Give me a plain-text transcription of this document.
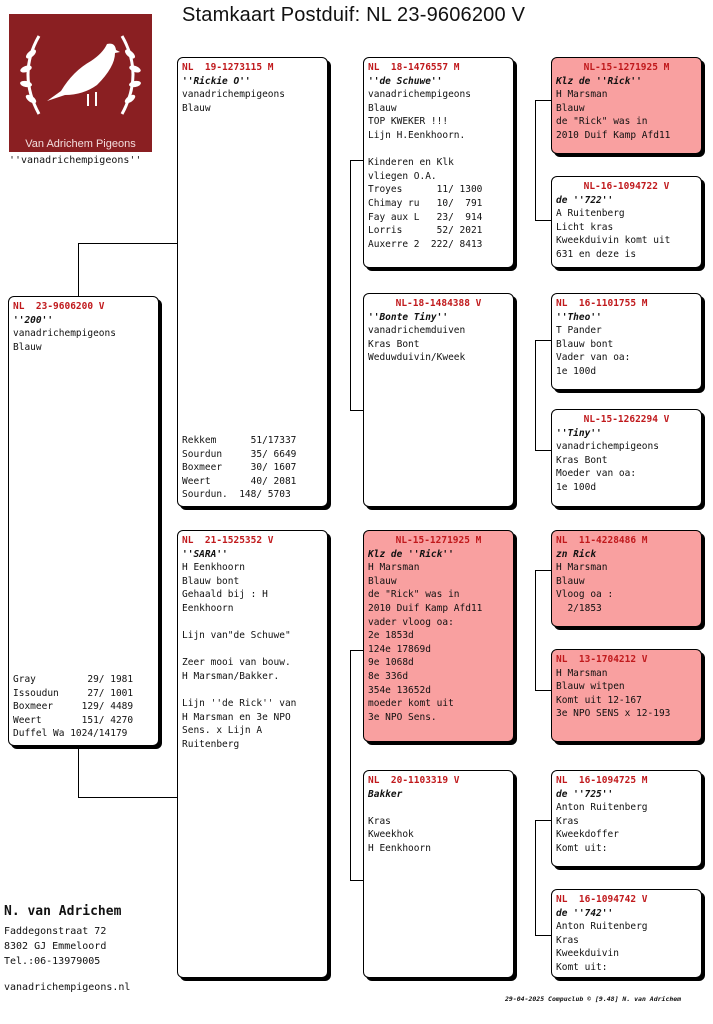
Stamkaart Postduif: NL 23-9606200 V
Van Adrichem Pigeons
''vanadrichempigeons''
NL  23-9606200 V
''200''
vanadrichempigeons
Blauw
Gray         29/ 1981
Issoudun     27/ 1001
Boxmeer     129/ 4489
Weert       151/ 4270
Duffel Wa 1024/14179
NL  19-1273115 M
''Rickie O''
vanadrichempigeons
Blauw
Rekkem      51/17337
Sourdun     35/ 6649
Boxmeer     30/ 1607
Weert       40/ 2081
Sourdun.  148/ 5703
NL  21-1525352 V
''SARA''
H Eenkhoorn
Blauw bont
Gehaald bij : H
Eenkhoorn
Lijn van"de Schuwe"
Zeer mooi van bouw.
H Marsman/Bakker.
Lijn ''de Rick'' van
H Marsman en 3e NPO
Sens. x Lijn A
Ruitenberg
NL  18-1476557 M
''de Schuwe''
vanadrichempigeons
Blauw
TOP KWEKER !!!
Lijn H.Eenkhoorn.
Kinderen en Klk
vliegen O.A.
Troyes      11/ 1300
Chimay ru   10/  791
Fay aux L   23/  914
Lorris      52/ 2021
Auxerre 2  222/ 8413
NL-18-1484388 V
''Bonte Tiny''
vanadrichemduiven
Kras Bont
Weduwduivin/Kweek
NL-15-1271925 M
Klz de ''Rick''
H Marsman
Blauw
de "Rick" was in
2010 Duif Kamp Afd11
vader vloog oa:
2e 1853d
124e 17869d
9e 1068d
8e 336d
354e 13652d
moeder komt uit
3e NPO Sens.
NL  20-1103319 V
Bakker
Kras
Kweekhok
H Eenkhoorn
NL-15-1271925 M
Klz de ''Rick''
H Marsman
Blauw
de "Rick" was in
2010 Duif Kamp Afd11
NL-16-1094722 V
de ''722''
A Ruitenberg
Licht kras
Kweekduivin komt uit
631 en deze is
NL  16-1101755 M
''Theo''
T Pander
Blauw bont
Vader van oa:
1e 100d
NL-15-1262294 V
''Tiny''
vanadrichempigeons
Kras Bont
Moeder van oa:
1e 100d
NL  11-4228486 M
zn Rick
H Marsman
Blauw
Vloog oa :
2/1853
NL  13-1704212 V
H Marsman
Blauw witpen
Komt uit 12-167
3e NPO SENS x 12-193
NL  16-1094725 M
de ''725''
Anton Ruitenberg
Kras
Kweekdoffer
Komt uit:
NL  16-1094742 V
de ''742''
Anton Ruitenberg
Kras
Kweekduivin
Komt uit:
N. van Adrichem
Faddegonstraat 72
8302 GJ Emmeloord
Tel.:06-13979005
vanadrichempigeons.nl
29-04-2025 Compuclub © [9.48] N. van Adrichem
